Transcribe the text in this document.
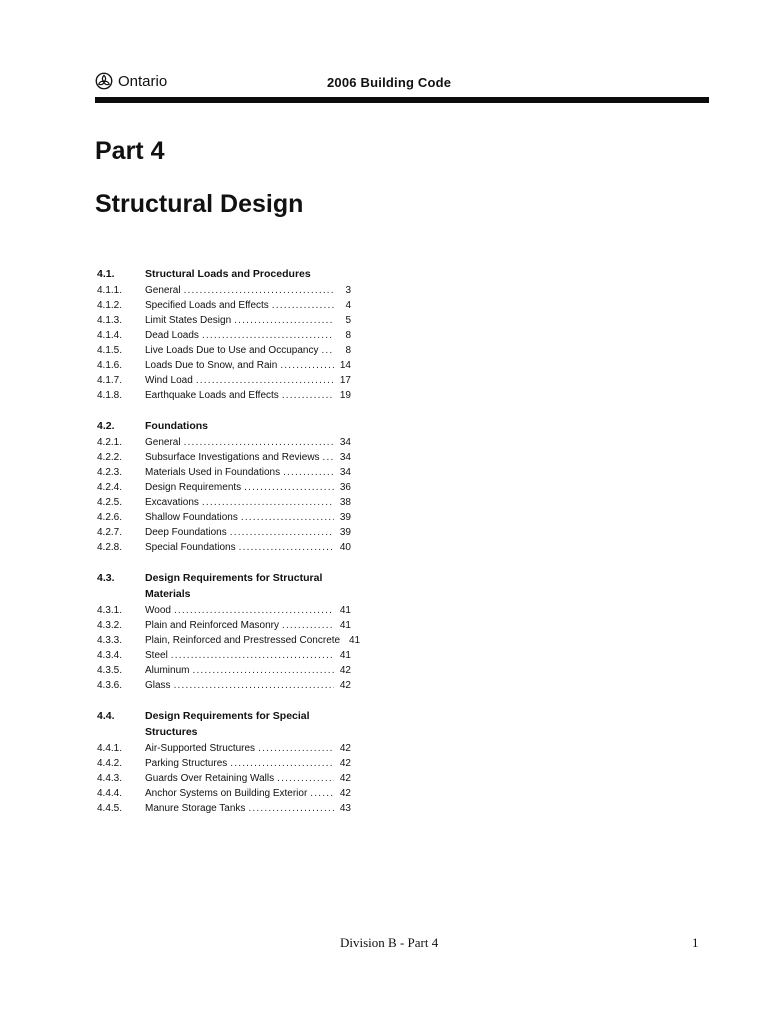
Ontario	2006 Building Code
Part 4
Structural Design
4.1.	Structural Loads and Procedures
4.1.1.	General .....	3
4.1.2.	Specified Loads and Effects .....	4
4.1.3.	Limit States Design .....	5
4.1.4.	Dead Loads .....	8
4.1.5.	Live Loads Due to Use and Occupancy .....	8
4.1.6.	Loads Due to Snow, and Rain .....	14
4.1.7.	Wind Load .....	17
4.1.8.	Earthquake Loads and Effects .....	19
4.2.	Foundations
4.2.1.	General .....	34
4.2.2.	Subsurface Investigations and Reviews ..... 34
4.2.3.	Materials Used in Foundations .....	34
4.2.4.	Design Requirements .....	36
4.2.5.	Excavations .....	38
4.2.6.	Shallow Foundations .....	39
4.2.7.	Deep Foundations .....	39
4.2.8.	Special Foundations .....	40
4.3.	Design Requirements for Structural Materials
4.3.1.	Wood .....	41
4.3.2.	Plain and Reinforced Masonry .....	41
4.3.3.	Plain, Reinforced and Prestressed Concrete 41
4.3.4.	Steel .....	41
4.3.5.	Aluminum .....	42
4.3.6.	Glass .....	42
4.4.	Design Requirements for Special Structures
4.4.1.	Air-Supported Structures .....	42
4.4.2.	Parking Structures .....	42
4.4.3.	Guards Over Retaining Walls .....	42
4.4.4.	Anchor Systems on Building Exterior .....	42
4.4.5.	Manure Storage Tanks .....	43
Division B - Part 4	1
